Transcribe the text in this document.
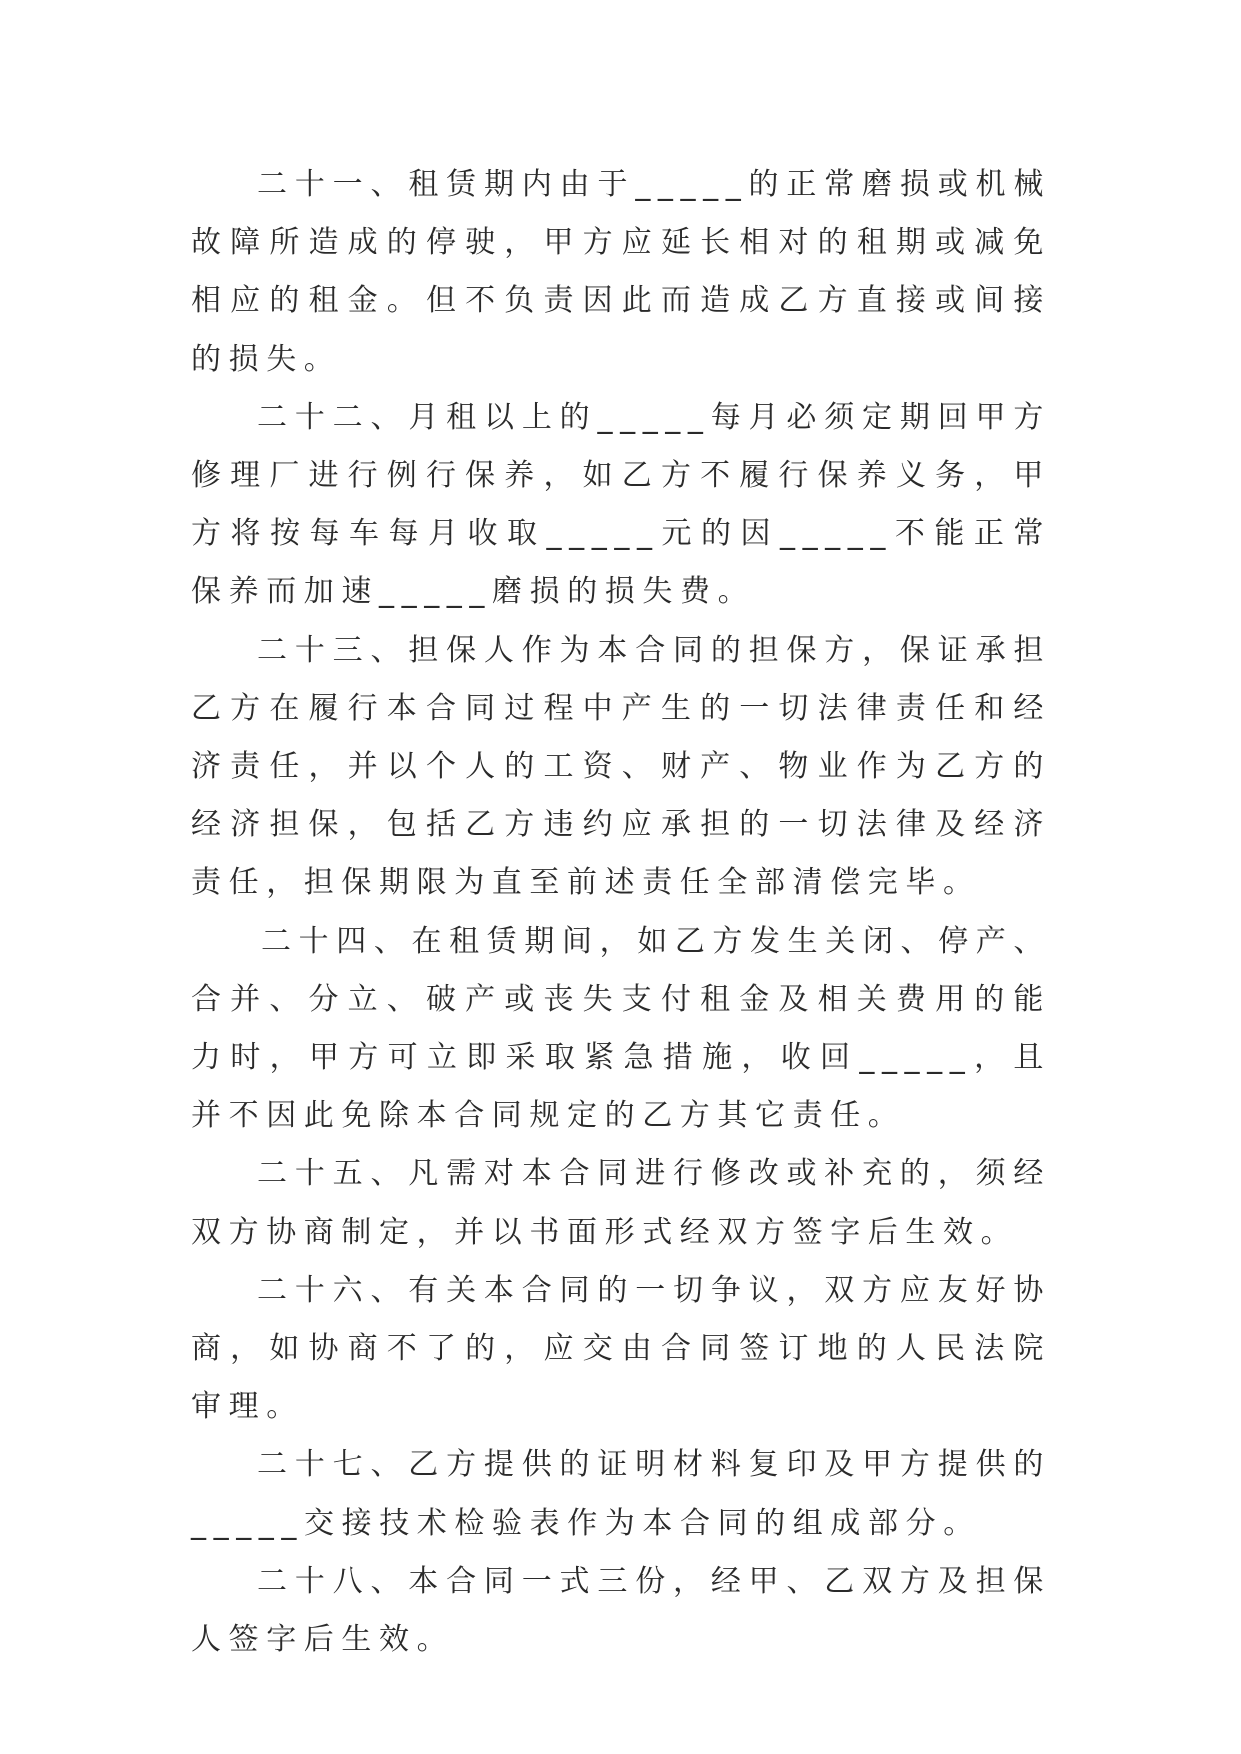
二十一、租赁期内由于_____的正常磨损或机械故障所造成的停驶，甲方应延长相对的租期或减免相应的租金。但不负责因此而造成乙方直接或间接的损失。

二十二、月租以上的_____每月必须定期回甲方修理厂进行例行保养，如乙方不履行保养义务，甲方将按每车每月收取_____元的因_____不能正常保养而加速_____磨损的损失费。

二十三、担保人作为本合同的担保方，保证承担乙方在履行本合同过程中产生的一切法律责任和经济责任，并以个人的工资、财产、物业作为乙方的经济担保，包括乙方违约应承担的一切法律及经济责任，担保期限为直至前述责任全部清偿完毕。

二十四、在租赁期间，如乙方发生关闭、停产、合并、分立、破产或丧失支付租金及相关费用的能力时，甲方可立即采取紧急措施，收回_____，且并不因此免除本合同规定的乙方其它责任。

二十五、凡需对本合同进行修改或补充的，须经双方协商制定，并以书面形式经双方签字后生效。

二十六、有关本合同的一切争议，双方应友好协商，如协商不了的，应交由合同签订地的人民法院审理。

二十七、乙方提供的证明材料复印及甲方提供的_____交接技术检验表作为本合同的组成部分。

二十八、本合同一式三份，经甲、乙双方及担保人签字后生效。
